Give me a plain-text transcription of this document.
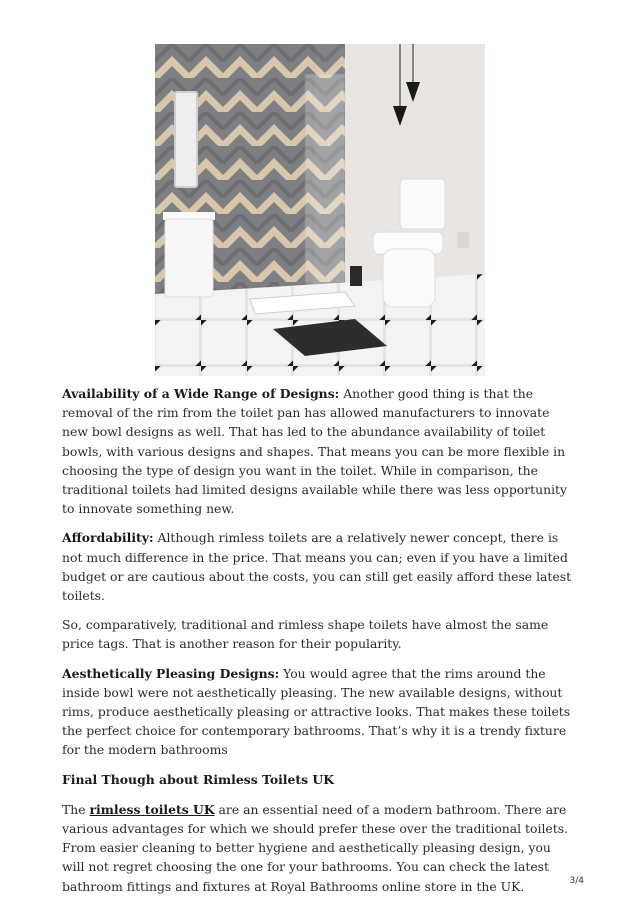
Availability of a Wide Range of Designs: Another good thing is that the removal of the rim from the toilet pan has allowed manufacturers to innovate new bowl designs as well. That has led to the abundance availability of toilet bowls, with various designs and shapes. That means you can be more flexible in choosing the type of design you want in the toilet. While in comparison, the traditional toilets had limited designs available while there was less opportunity to innovate something new.

Affordability: Although rimless toilets are a relatively newer concept, there is not much difference in the price. That means you can; even if you have a limited budget or are cautious about the costs, you can still get easily afford these latest toilets.

So, comparatively, traditional and rimless shape toilets have almost the same price tags. That is another reason for their popularity.

Aesthetically Pleasing Designs: You would agree that the rims around the inside bowl were not aesthetically pleasing. The new available designs, without rims, produce aesthetically pleasing or attractive looks. That makes these toilets the perfect choice for contemporary bathrooms. That’s why it is a trendy fixture for the modern bathrooms

Final Though about Rimless Toilets UK

The rimless toilets UK are an essential need of a modern bathroom. There are various advantages for which we should prefer these over the traditional toilets. From easier cleaning to better hygiene and aesthetically pleasing design, you will not regret choosing the one for your bathrooms. You can check the latest bathroom fittings and fixtures at Royal Bathrooms online store in the UK.	3/4
